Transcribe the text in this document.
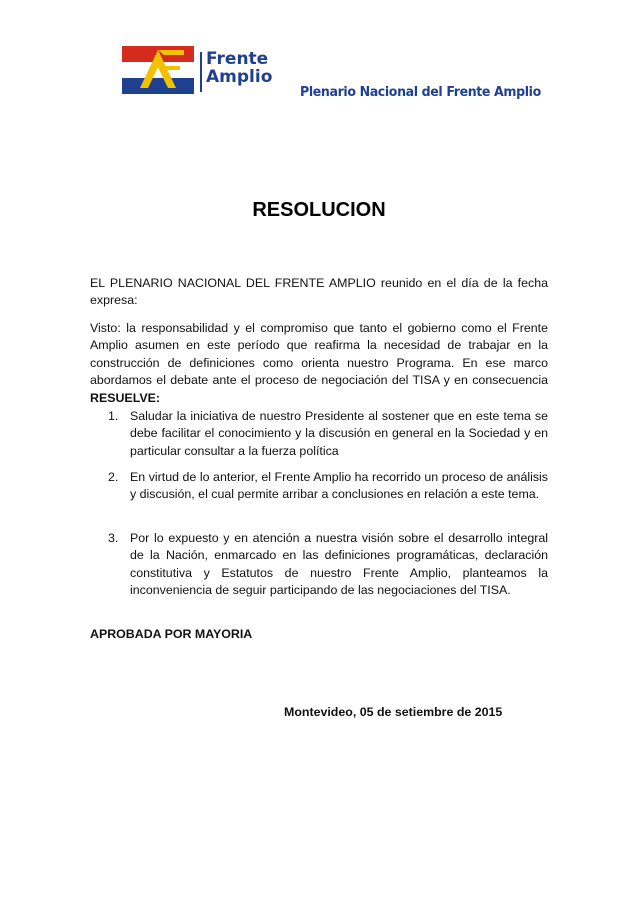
Frente
Amplio
Plenario Nacional del Frente Amplio
RESOLUCION

EL PLENARIO NACIONAL DEL FRENTE AMPLIO reunido en el día de la fecha expresa:

Visto: la responsabilidad y el compromiso que tanto el gobierno como el Frente Amplio asumen en este período que reafirma la necesidad de trabajar en la construcción de definiciones como orienta nuestro Programa. En ese marco abordamos el debate ante el proceso de negociación del TISA y en consecuencia RESUELVE:

1. Saludar la iniciativa de nuestro Presidente al sostener que en este tema se debe facilitar el conocimiento y la discusión en general en la Sociedad y en particular consultar a la fuerza política
2. En virtud de lo anterior, el Frente Amplio ha recorrido un proceso de análisis y discusión, el cual permite arribar a conclusiones en relación a este tema.
3. Por lo expuesto y en atención a nuestra visión sobre el desarrollo integral de la Nación, enmarcado en las definiciones programáticas, declaración constitutiva y Estatutos de nuestro Frente Amplio, planteamos la inconveniencia de seguir participando de las negociaciones del TISA.
APROBADA POR MAYORIA
Montevideo, 05 de setiembre de 2015
